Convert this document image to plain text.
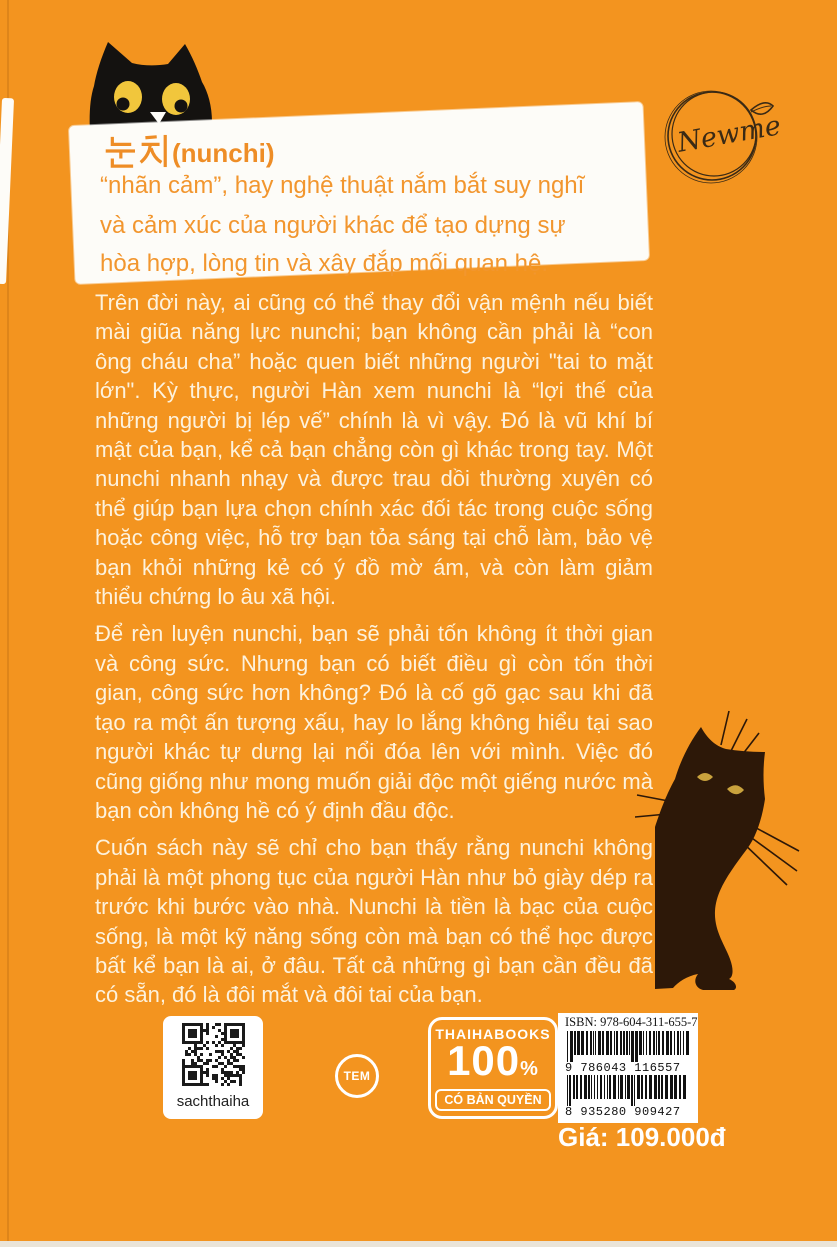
(nunchi)
“nhãn cảm”, hay nghệ thuật nắm bắt suy nghĩ
và cảm xúc của người khác để tạo dựng sự
hòa hợp, lòng tin và xây đắp mối quan hệ.
Newme

Trên đời này, ai cũng có thể thay đổi vận mệnh nếu biết mài giũa năng lực nunchi; bạn không cần phải là “con ông cháu cha” hoặc quen biết những người "tai to mặt lớn". Kỳ thực, người Hàn xem nunchi là “lợi thế của những người bị lép vế” chính là vì vậy. Đó là vũ khí bí mật của bạn, kể cả bạn chẳng còn gì khác trong tay. Một nunchi nhanh nhạy và được trau dồi thường xuyên có thể giúp bạn lựa chọn chính xác đối tác trong cuộc sống hoặc công việc, hỗ trợ bạn tỏa sáng tại chỗ làm, bảo vệ bạn khỏi những kẻ có ý đồ mờ ám, và còn làm giảm thiểu chứng lo âu xã hội.

Để rèn luyện nunchi, bạn sẽ phải tốn không ít thời gian và công sức. Nhưng bạn có biết điều gì còn tốn thời gian, công sức hơn không? Đó là cố gõ gạc sau khi đã tạo ra một ấn tượng xấu, hay lo lắng không hiểu tại sao người khác tự dưng lại nổi đóa lên với mình. Việc đó cũng giống như mong muốn giải độc một giếng nước mà bạn còn không hề có ý định đầu độc.

Cuốn sách này sẽ chỉ cho bạn thấy rằng nunchi không phải là một phong tục của người Hàn như bỏ giày dép ra trước khi bước vào nhà. Nunchi là tiền là bạc của cuộc sống, là một kỹ năng sống còn mà bạn có thể học được bất kể bạn là ai, ở đâu. Tất cả những gì bạn cần đều đã có sẵn, đó là đôi mắt và đôi tai của bạn.

sachthaiha
TEM
THAIHABOOKS
100%
CÓ BẢN QUYỀN
ISBN: 978-604-311-655-7
9 786043 116557
8 935280 909427
Giá: 109.000đ
